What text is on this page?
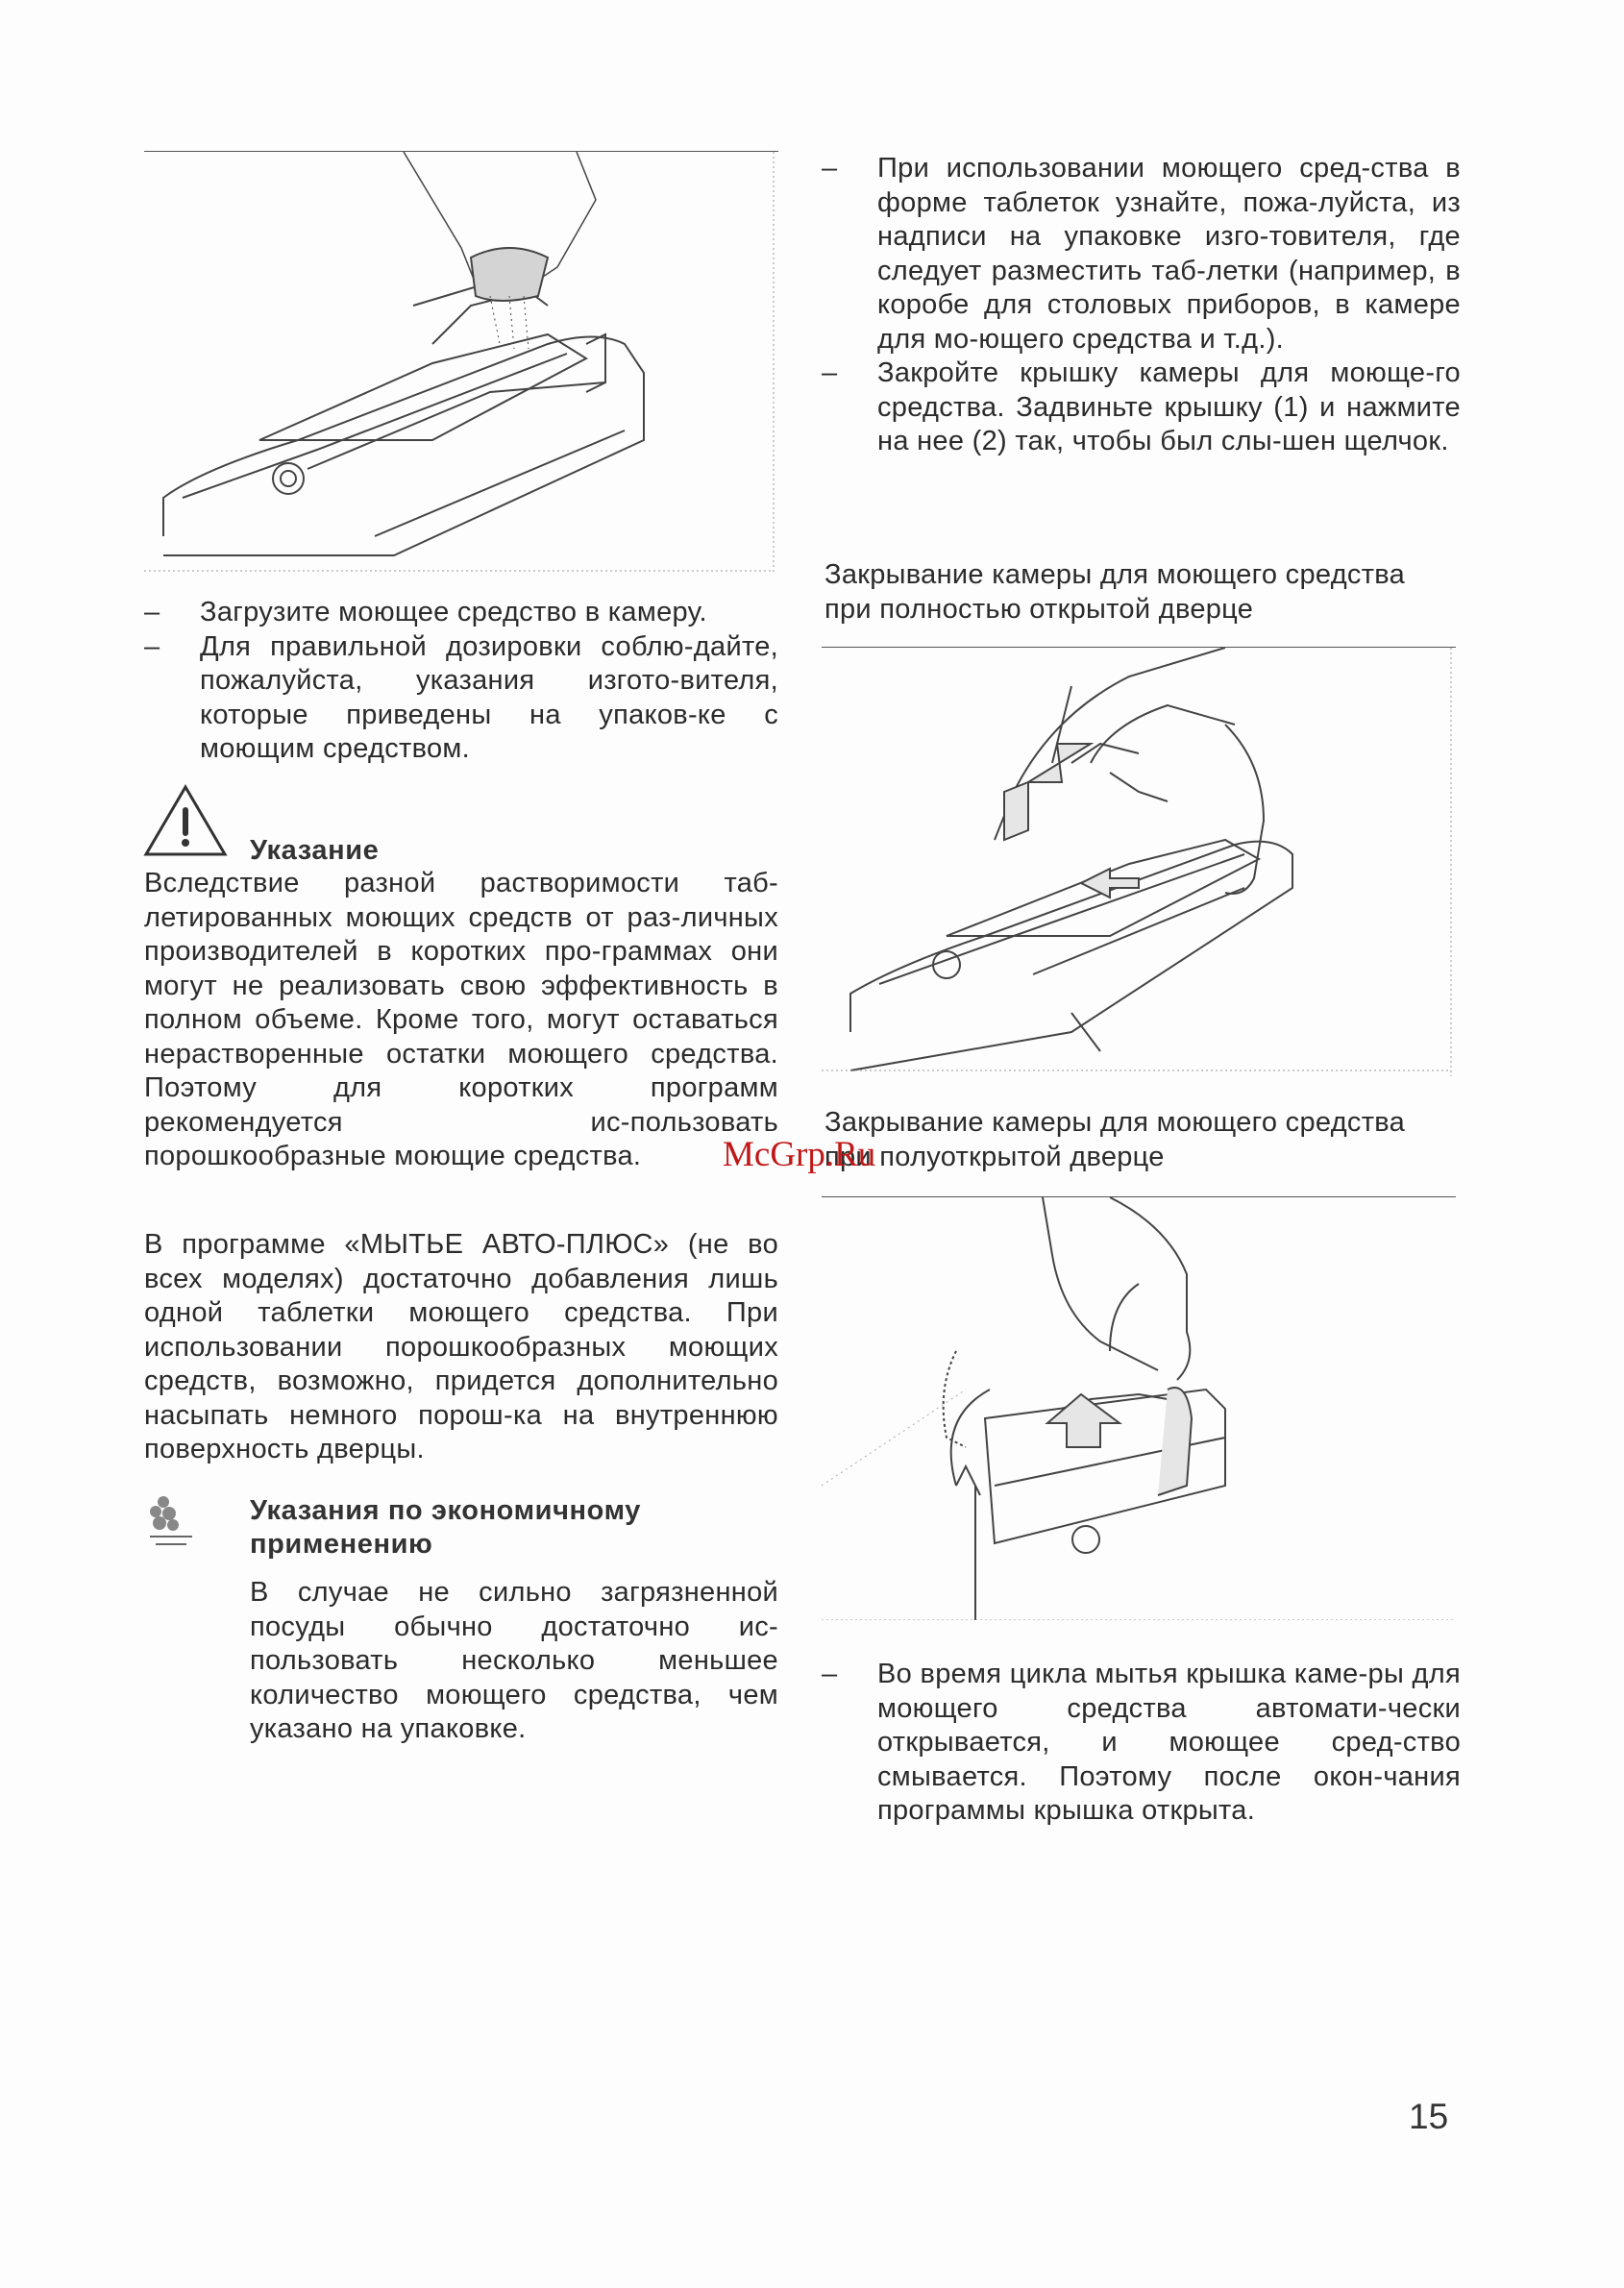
– Загрузите моющее средство в камеру.
– Для правильной дозировки соблю-дайте, пожалуйста, указания изгото-вителя, которые приведены на упаков-ке с моющим средством.
Указание

Вследствие разной растворимости таб-летированных моющих средств от раз-личных производителей в коротких про-граммах они могут не реализовать свою эффективность в полном объеме. Кроме того, могут оставаться нерастворенные остатки моющего средства. Поэтому для коротких программ рекомендуется ис-пользовать порошкообразные моющие средства.

В программе «МЫТЬЕ АВТО-ПЛЮС» (не во всех моделях) достаточно добавления лишь одной таблетки моющего средства. При использовании порошкообразных моющих средств, возможно, придется дополнительно насыпать немного порош-ка на внутреннюю поверхность дверцы.

Указания по экономичному применению

В случае не сильно загрязненной посуды обычно достаточно ис-пользовать несколько меньшее количество моющего средства, чем указано на упаковке.

– При использовании моющего сред-ства в форме таблеток узнайте, пожа-луйста, из надписи на упаковке изго-товителя, где следует разместить таб-летки (например, в коробе для столовых приборов, в камере для мо-ющего средства и т.д.).
– Закройте крышку камеры для моюще-го средства. Задвиньте крышку (1) и нажмите на нее (2) так, чтобы был слы-шен щелчок.

Закрывание камеры для моющего средства при полностью открытой дверце

Закрывание камеры для моющего средства при полуоткрытой дверце

– Во время цикла мытья крышка каме-ры для моющего средства автомати-чески открывается, и моющее сред-ство смывается. Поэтому после окон-чания программы крышка открыта.
McGrp.Ru
15
